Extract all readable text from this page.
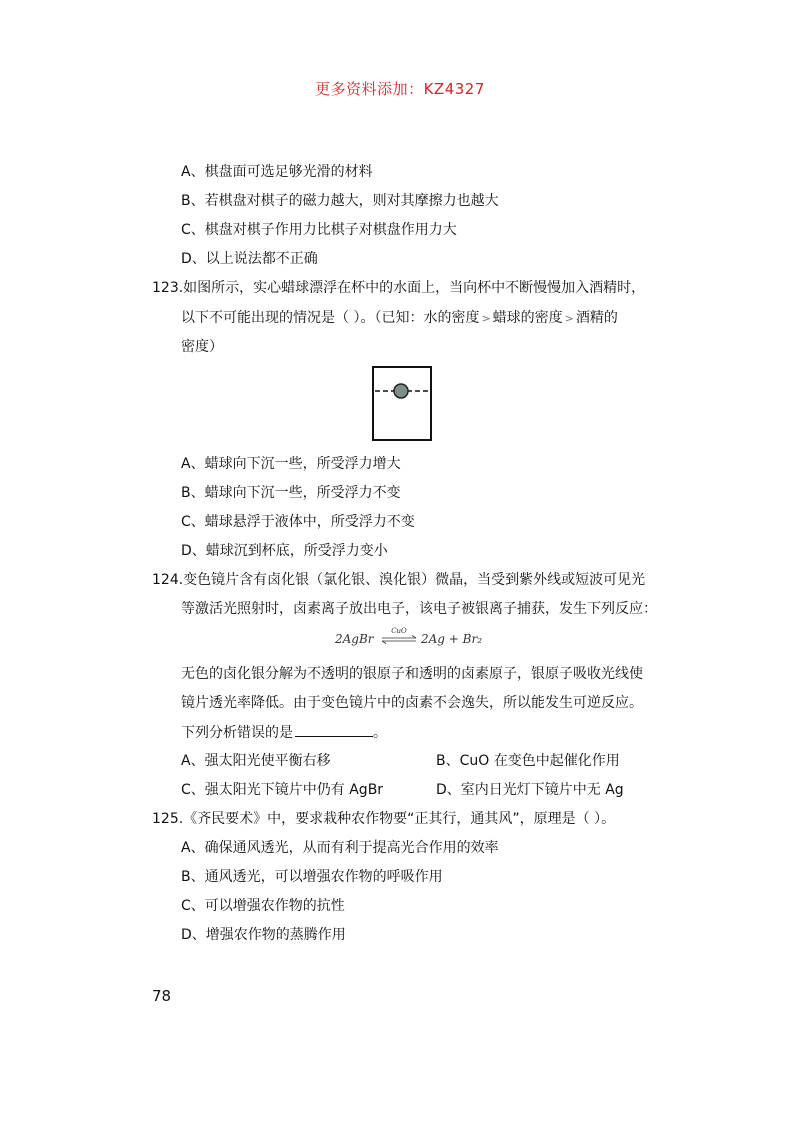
更多资料添加：KZ4327
A、棋盘面可选足够光滑的材料
B、若棋盘对棋子的磁力越大，则对其摩擦力也越大
C、棋盘对棋子作用力比棋子对棋盘作用力大
D、以上说法都不正确
123.如图所示，实心蜡球漂浮在杯中的水面上，当向杯中不断慢慢加入酒精时，
以下不可能出现的情况是（ ）。（已知：水的密度 > 蜡球的密度 > 酒精的
密度）
A、蜡球向下沉一些，所受浮力增大
B、蜡球向下沉一些，所受浮力不变
C、蜡球悬浮于液体中，所受浮力不变
D、蜡球沉到杯底，所受浮力变小
124.变色镜片含有卤化银（氯化银、溴化银）微晶，当受到紫外线或短波可见光
等激活光照射时，卤素离子放出电子，该电子被银离子捕获，发生下列反应：
2AgBr
CuO
2Ag + Br₂
无色的卤化银分解为不透明的银原子和透明的卤素原子，银原子吸收光线使
镜片透光率降低。由于变色镜片中的卤素不会逸失，所以能发生可逆反应。
下列分析错误的是	。
A、强太阳光使平衡右移	B、CuO 在变色中起催化作用
C、强太阳光下镜片中仍有 AgBr	D、室内日光灯下镜片中无 Ag
125.《齐民要术》中，要求栽种农作物要“正其行，通其风”，原理是（ ）。
A、确保通风透光，从而有利于提高光合作用的效率
B、通风透光，可以增强农作物的呼吸作用
C、可以增强农作物的抗性
D、增强农作物的蒸腾作用
78
